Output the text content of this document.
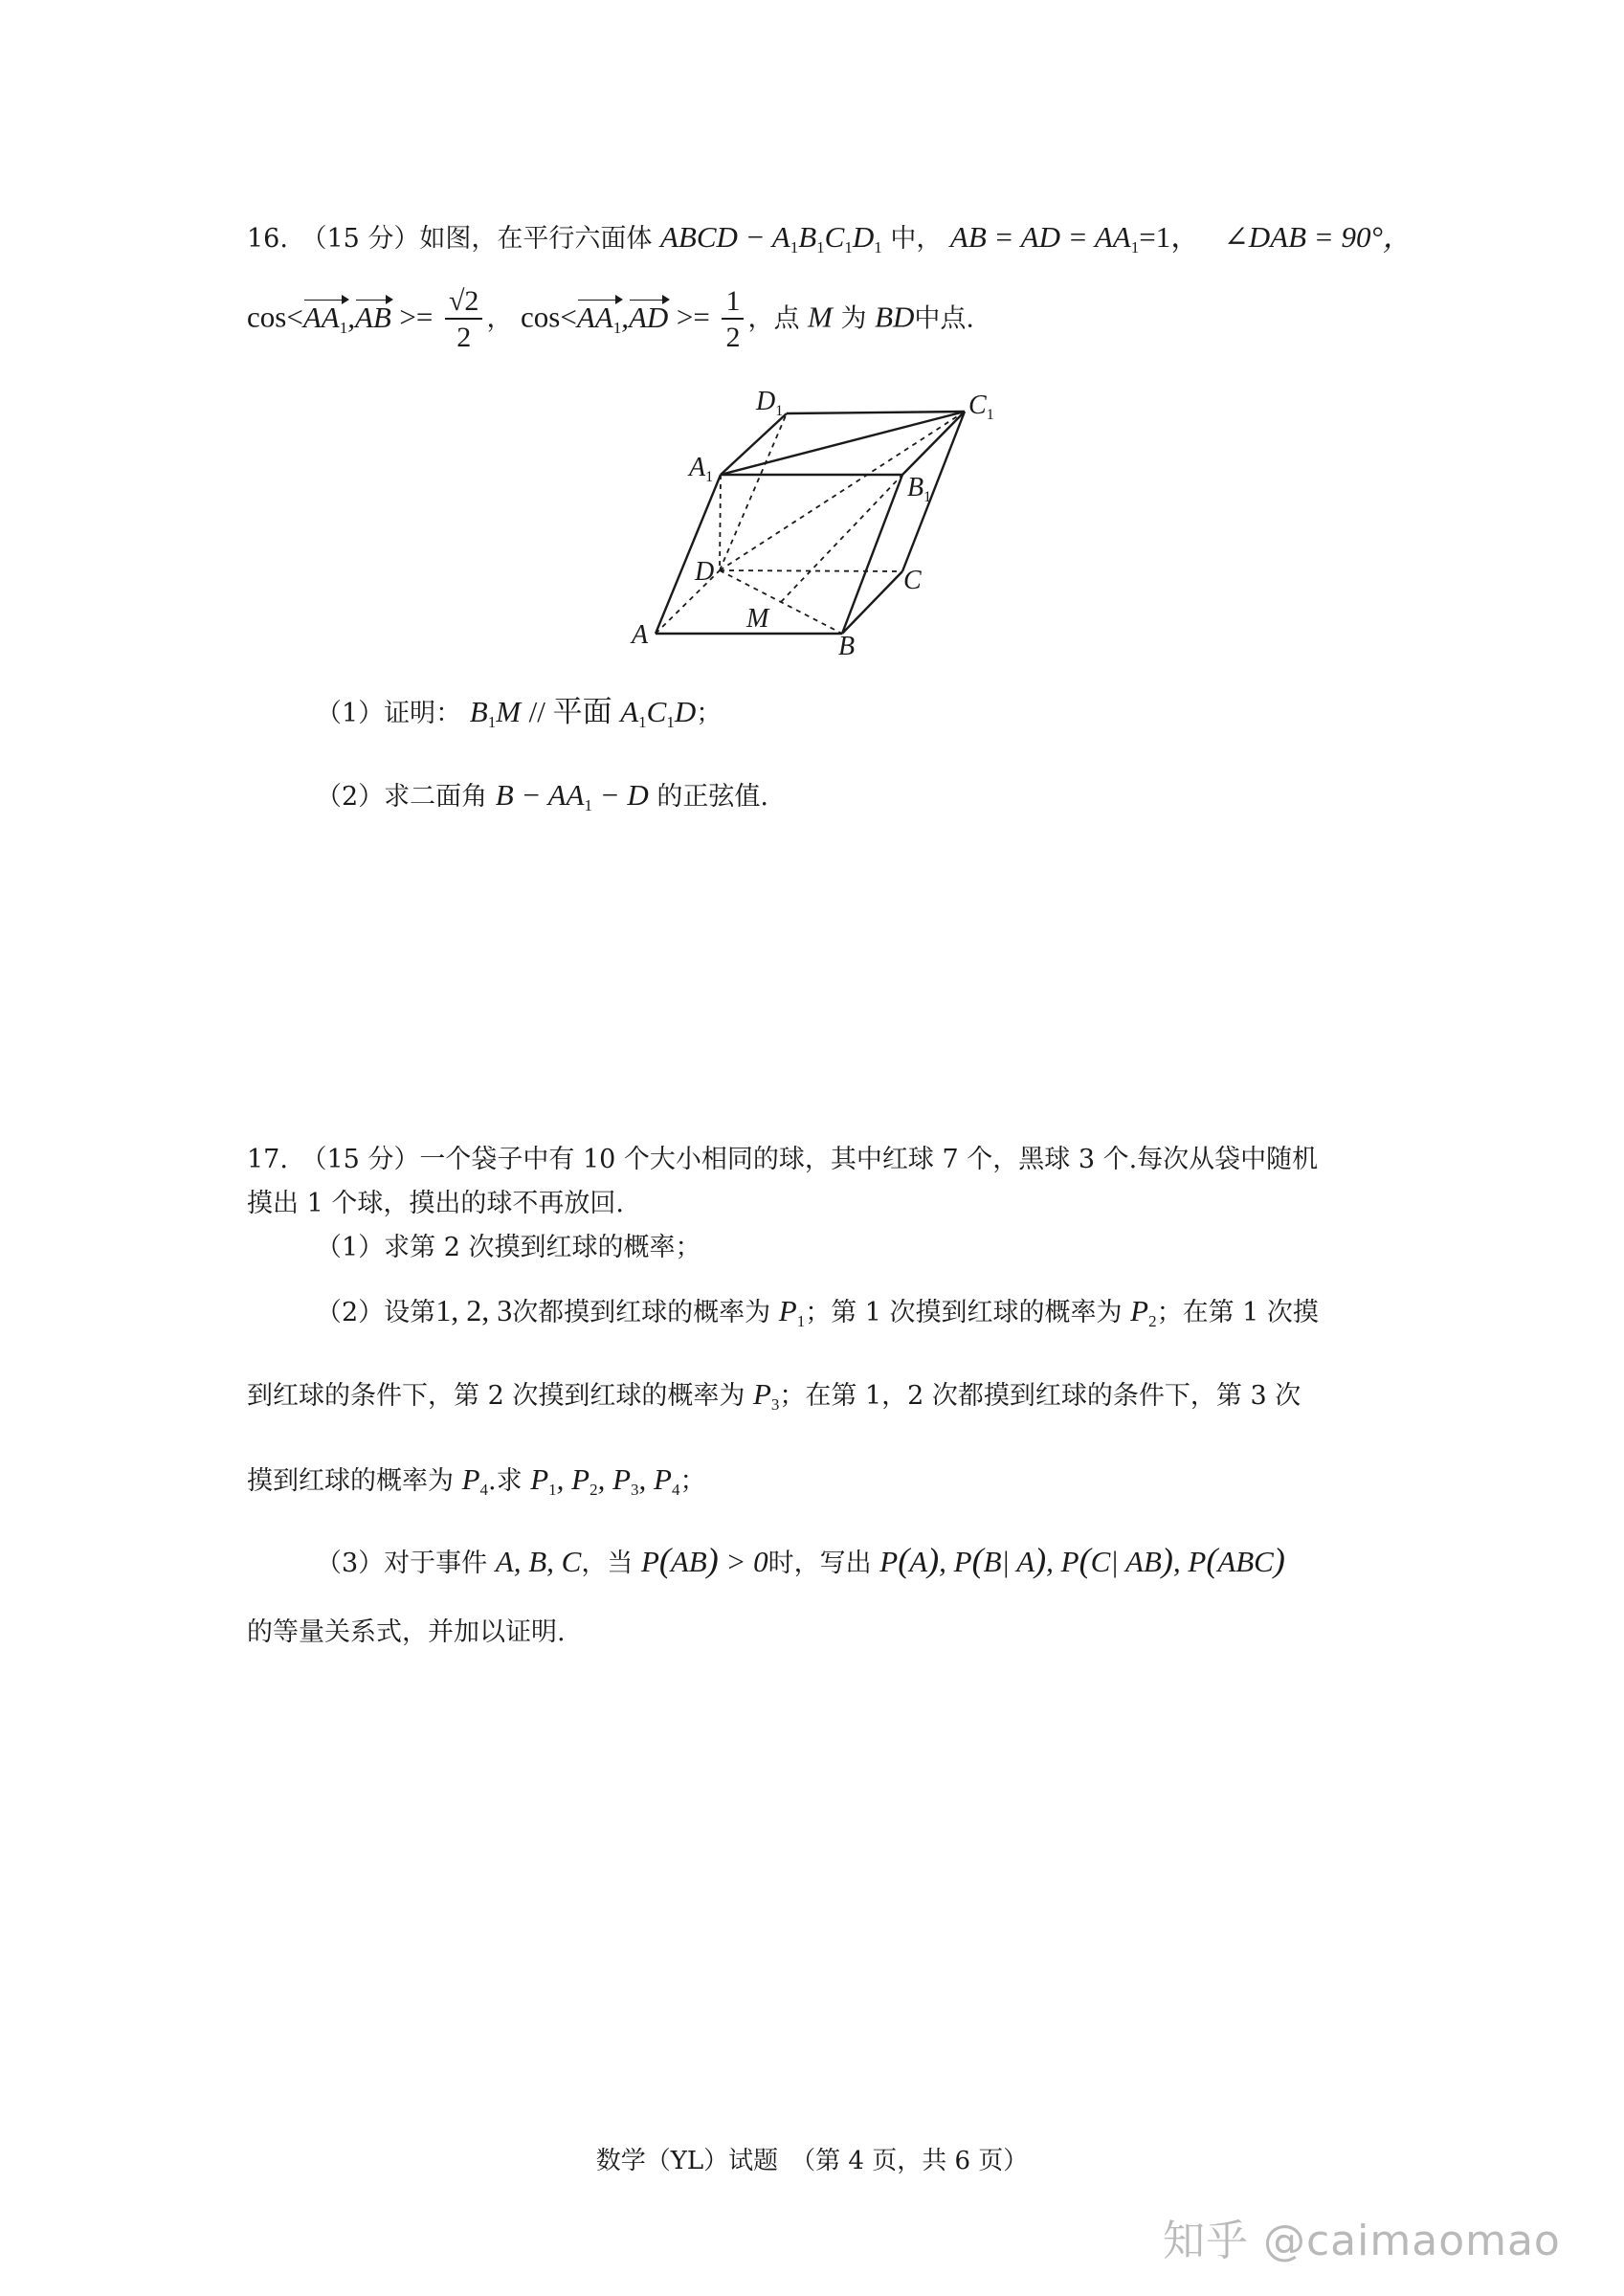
16.　（15 分）如图，在平行六面体 ABCD − $A_1B_1C_1D_1$ 中， AB = AD = $AA_1=1$， ∠DAB = 90°，
$\cos<AA_1,AB >= \frac{√2}{2}$ ， $\cos<AA_1,AD >= \frac{1}{2}$ ，点 M 为 BD中点.
$D_1$	$C_1$
$A_1$	$B_1$
D	C
A	B
M
（1）证明： $B_1M$ // 平面 $A_1C_1D$；
（2）求二面角 $B - AA_1 - D$ 的正弦值.
17.　（15 分）一个袋子中有 10 个大小相同的球，其中红球 7 个，黑球 3 个.每次从袋中随机
摸出 1 个球，摸出的球不再放回.
（1）求第 2 次摸到红球的概率；
（2）设第1, 2, 3次都摸到红球的概率为 $P_1$；第 1 次摸到红球的概率为 $P_2$；在第 1 次摸
到红球的条件下，第 2 次摸到红球的概率为 $P_3$；在第 1，2 次都摸到红球的条件下，第 3 次
摸到红球的概率为 $P_4$.求 $P_1$, $P_2$, $P_3$, $P_4$；
（3）对于事件 A, B, C，当 P(AB) > 0时，写出 P(A), P(B| A), P(C| AB), P(ABC)
的等量关系式，并加以证明.
数学（YL）试题　（第 4 页，共 6 页）
知乎 @caimaomao
